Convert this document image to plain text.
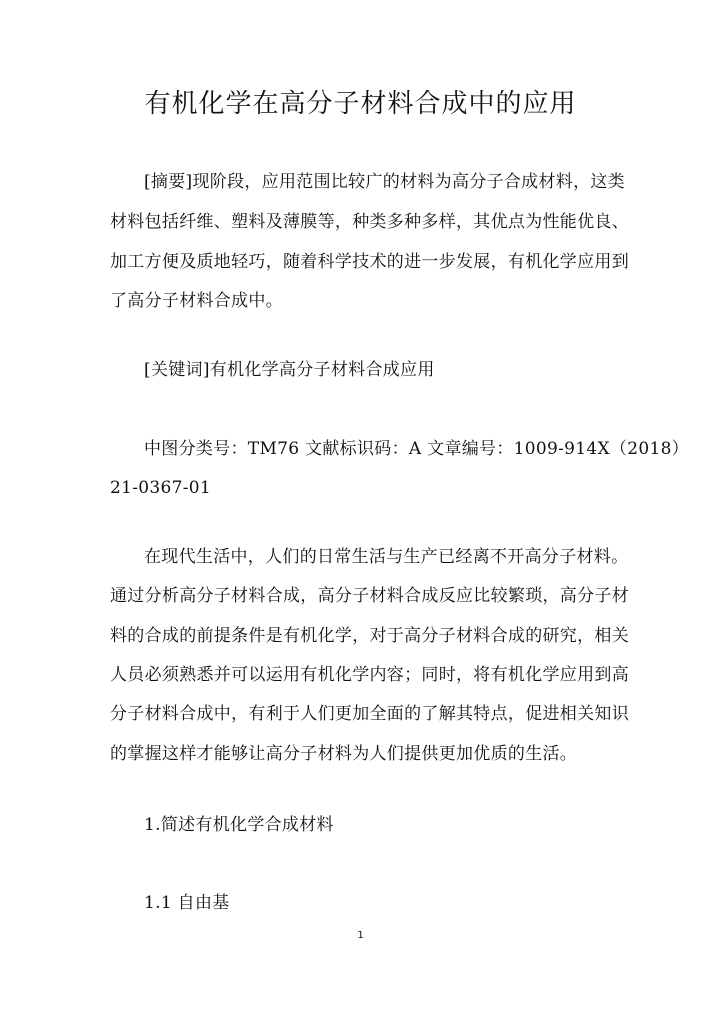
有机化学在高分子材料合成中的应用
[摘要]现阶段，应用范围比较广的材料为高分子合成材料，这类
材料包括纤维、塑料及薄膜等，种类多种多样，其优点为性能优良、
加工方便及质地轻巧，随着科学技术的进一步发展，有机化学应用到
了高分子材料合成中。
[关键词]有机化学高分子材料合成应用
中图分类号：TM76 文献标识码：A 文章编号：1009-914X（2018）
21-0367-01
在现代生活中，人们的日常生活与生产已经离不开高分子材料。
通过分析高分子材料合成，高分子材料合成反应比较繁琐，高分子材
料的合成的前提条件是有机化学，对于高分子材料合成的研究，相关
人员必须熟悉并可以运用有机化学内容；同时，将有机化学应用到高
分子材料合成中，有利于人们更加全面的了解其特点，促进相关知识
的掌握这样才能够让高分子材料为人们提供更加优质的生活。
1.简述有机化学合成材料
1.1 自由基
1
